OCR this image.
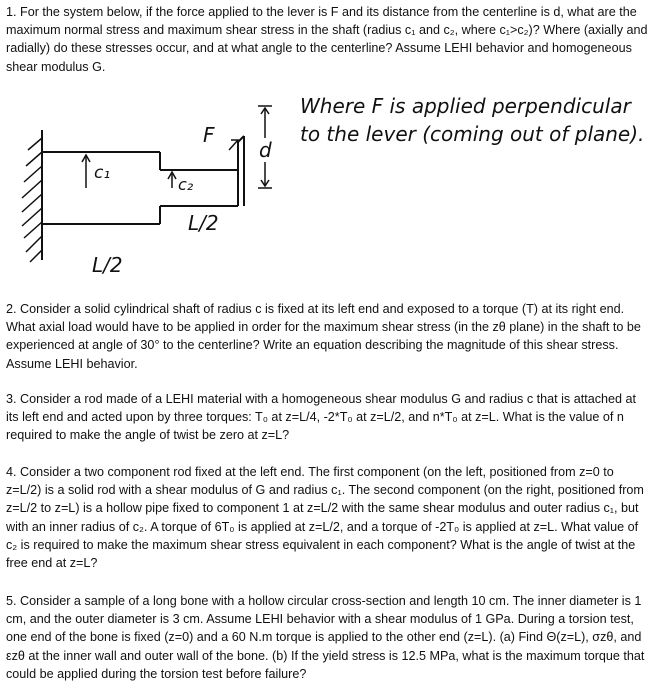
1. For the system below, if the force applied to the lever is F and its distance from the centerline is d, what are the maximum normal stress and maximum shear stress in the shaft (radius c₁ and c₂, where c₁>c₂)? Where (axially and radially) do these stresses occur, and at what angle to the centerline? Assume LEHI behavior and homogeneous shear modulus G.

c₁
c₂
F
d
L/2
L/2
Where F is applied perpendicular
to the lever (coming out of plane).

2. Consider a solid cylindrical shaft of radius c is fixed at its left end and exposed to a torque (T) at its right end. What axial load would have to be applied in order for the maximum shear stress (in the zθ plane) in the shaft to be experienced at angle of 30° to the centerline? Write an equation describing the magnitude of this shear stress. Assume LEHI behavior.

3. Consider a rod made of a LEHI material with a homogeneous shear modulus G and radius c that is attached at its left end and acted upon by three torques: T₀ at z=L/4, -2*T₀ at z=L/2, and n*T₀ at z=L. What is the value of n required to make the angle of twist be zero at z=L?

4. Consider a two component rod fixed at the left end. The first component (on the left, positioned from z=0 to z=L/2) is a solid rod with a shear modulus of G and radius c₁. The second component (on the right, positioned from z=L/2 to z=L) is a hollow pipe fixed to component 1 at z=L/2 with the same shear modulus and outer radius c₁, but with an inner radius of c₂. A torque of 6T₀ is applied at z=L/2, and a torque of -2T₀ is applied at z=L. What value of c₂ is required to make the maximum shear stress equivalent in each component? What is the angle of twist at the free end at z=L?

5. Consider a sample of a long bone with a hollow circular cross-section and length 10 cm. The inner diameter is 1 cm, and the outer diameter is 3 cm. Assume LEHI behavior with a shear modulus of 1 GPa. During a torsion test, one end of the bone is fixed (z=0) and a 60 N.m torque is applied to the other end (z=L). (a) Find Θ(z=L), σzθ, and εzθ at the inner wall and outer wall of the bone. (b) If the yield stress is 12.5 MPa, what is the maximum torque that could be applied during the torsion test before failure?
